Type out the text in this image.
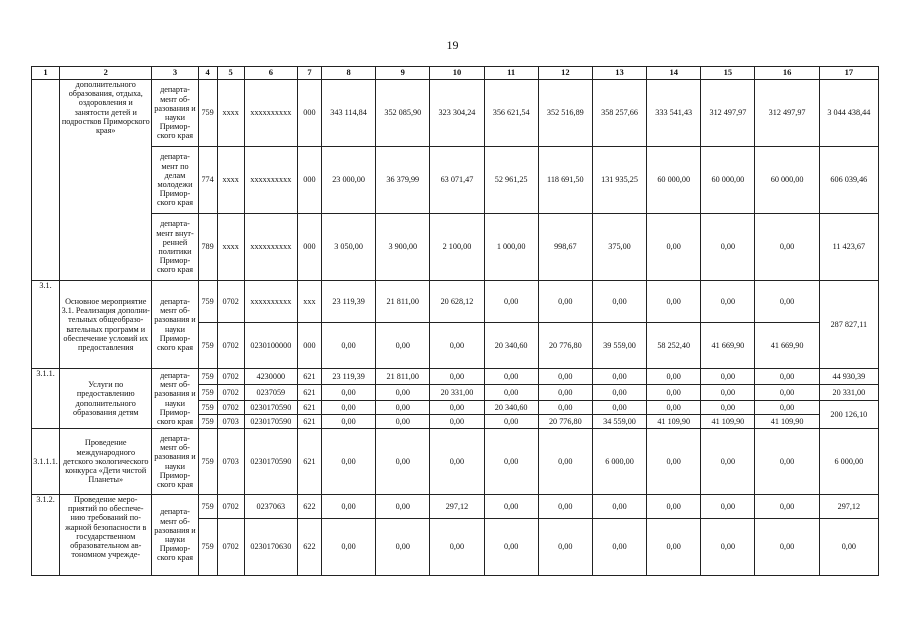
19
1	2	3	4	5	6	7	8	9	10	11	12	13	14	15	16	17
	дополнительного образования, отдыха, оздоровления и занятости детей и подростков Приморского края»	департа-мент об-разования и науки Примор-ского края	759	хххх	хххххххххх	000	343 114,84	352 085,90	323 304,24	356 621,54	352 516,89	358 257,66	333 541,43	312 497,97	312 497,97	3 044 438,44
		департа-мент по делам молодежи Примор-ского края	774	хххх	хххххххххх	000	23 000,00	36 379,99	63 071,47	52 961,25	118 691,50	131 935,25	60 000,00	60 000,00	60 000,00	606 039,46
		департа-мент внут-ренней политики Примор-ского края	789	хххх	хххххххххх	000	3 050,00	3 900,00	2 100,00	1 000,00	998,67	375,00	0,00	0,00	0,00	11 423,67
3.1.	Основное мероприятие 3.1. Реализация дополни-тельных общеобразо-вательных программ и обеспечение условий их предоставления	департа-мент об-разования и науки Примор-ского края	759	0702	хххххххххх	ххх	23 119,39	21 811,00	20 628,12	0,00	0,00	0,00	0,00	0,00	0,00	287 827,11
			759	0702	0230100000	000	0,00	0,00	0,00	20 340,60	20 776,80	39 559,00	58 252,40	41 669,90	41 669,90	
3.1.1.	Услуги по предоставлению дополнительного образования детям	департа-мент об-разования и науки Примор-ского края	759	0702	4230000	621	23 119,39	21 811,00	0,00	0,00	0,00	0,00	0,00	0,00	0,00	44 930,39
			759	0702	0237059	621	0,00	0,00	20 331,00	0,00	0,00	0,00	0,00	0,00	0,00	20 331,00
			759	0702	0230170590	621	0,00	0,00	0,00	20 340,60	0,00	0,00	0,00	0,00	0,00	200 126,10
			759	0703	0230170590	621	0,00	0,00	0,00	0,00	20 776,80	34 559,00	41 109,90	41 109,90	41 109,90	
3.1.1.1.	Проведение международного детского экологического конкурса «Дети чистой Планеты»	департа-мент об-разования и науки Примор-ского края	759	0703	0230170590	621	0,00	0,00	0,00	0,00	0,00	6 000,00	0,00	0,00	0,00	6 000,00
3.1.2.	Проведение меро-приятий по обеспече-нию требований по-жарной безопасности в государственном образовательном ав-тономном учрежде-	департа-мент об-разования и науки Примор-ского края	759	0702	0237063	622	0,00	0,00	297,12	0,00	0,00	0,00	0,00	0,00	0,00	297,12
			759	0702	0230170630	622	0,00	0,00	0,00	0,00	0,00	0,00	0,00	0,00	0,00	0,00
